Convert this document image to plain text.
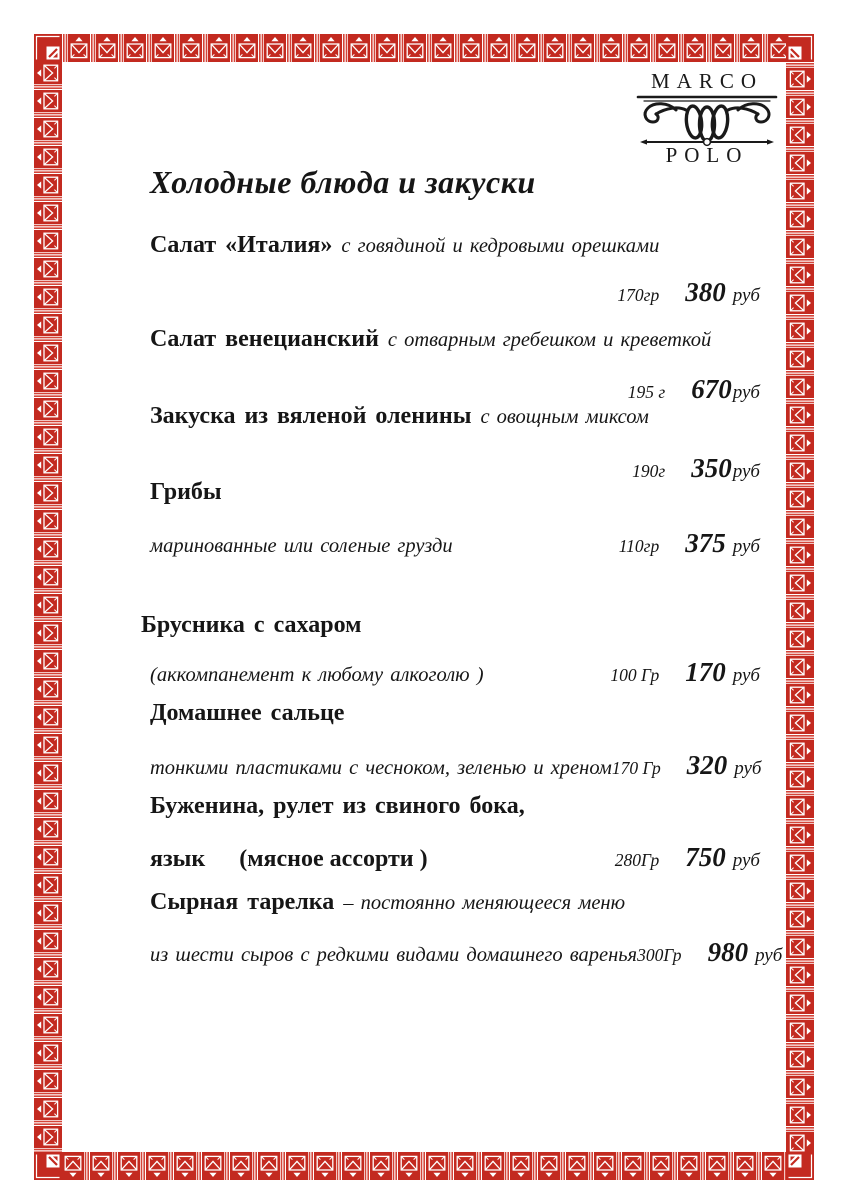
MARCO
POLO
Холодные блюда и закуски
Салат «Италия» с говядиной и кедровыми орешками
170гр 380 руб
Салат венецианский с отварным гребешком и креветкой
195 г 670 руб
Закуска из вяленой оленины с овощным миксом
190г 350 руб
Грибы
маринованные или соленые грузди	110гр 375 руб
Брусника с сахаром
(аккомпанемент к любому алкоголю )	100 Гр 170 руб
Домашнее сальце
тонкими пластиками с чесноком, зеленью и хреном 170 Гр 320 руб
Буженина, рулет из свиного бока,
язык (мясное ассорти )	280Гр 750 руб
Сырная тарелка – постоянно меняющееся меню
из шести сыров с редкими видами домашнего варенья 300Гр 980 руб
